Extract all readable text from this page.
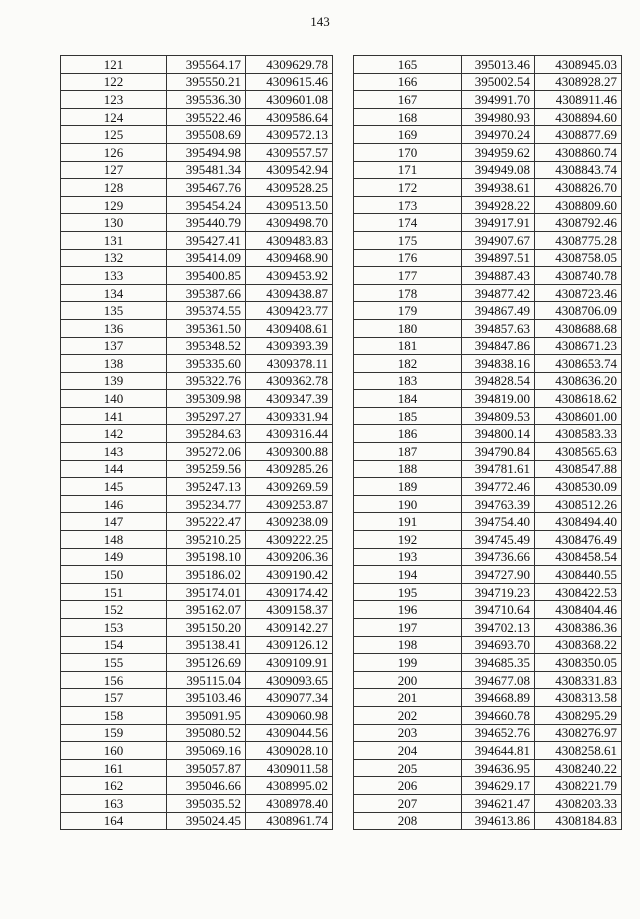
143
121	395564.17	4309629.78
122	395550.21	4309615.46
123	395536.30	4309601.08
124	395522.46	4309586.64
125	395508.69	4309572.13
126	395494.98	4309557.57
127	395481.34	4309542.94
128	395467.76	4309528.25
129	395454.24	4309513.50
130	395440.79	4309498.70
131	395427.41	4309483.83
132	395414.09	4309468.90
133	395400.85	4309453.92
134	395387.66	4309438.87
135	395374.55	4309423.77
136	395361.50	4309408.61
137	395348.52	4309393.39
138	395335.60	4309378.11
139	395322.76	4309362.78
140	395309.98	4309347.39
141	395297.27	4309331.94
142	395284.63	4309316.44
143	395272.06	4309300.88
144	395259.56	4309285.26
145	395247.13	4309269.59
146	395234.77	4309253.87
147	395222.47	4309238.09
148	395210.25	4309222.25
149	395198.10	4309206.36
150	395186.02	4309190.42
151	395174.01	4309174.42
152	395162.07	4309158.37
153	395150.20	4309142.27
154	395138.41	4309126.12
155	395126.69	4309109.91
156	395115.04	4309093.65
157	395103.46	4309077.34
158	395091.95	4309060.98
159	395080.52	4309044.56
160	395069.16	4309028.10
161	395057.87	4309011.58
162	395046.66	4308995.02
163	395035.52	4308978.40
164	395024.45	4308961.74
165	395013.46	4308945.03
166	395002.54	4308928.27
167	394991.70	4308911.46
168	394980.93	4308894.60
169	394970.24	4308877.69
170	394959.62	4308860.74
171	394949.08	4308843.74
172	394938.61	4308826.70
173	394928.22	4308809.60
174	394917.91	4308792.46
175	394907.67	4308775.28
176	394897.51	4308758.05
177	394887.43	4308740.78
178	394877.42	4308723.46
179	394867.49	4308706.09
180	394857.63	4308688.68
181	394847.86	4308671.23
182	394838.16	4308653.74
183	394828.54	4308636.20
184	394819.00	4308618.62
185	394809.53	4308601.00
186	394800.14	4308583.33
187	394790.84	4308565.63
188	394781.61	4308547.88
189	394772.46	4308530.09
190	394763.39	4308512.26
191	394754.40	4308494.40
192	394745.49	4308476.49
193	394736.66	4308458.54
194	394727.90	4308440.55
195	394719.23	4308422.53
196	394710.64	4308404.46
197	394702.13	4308386.36
198	394693.70	4308368.22
199	394685.35	4308350.05
200	394677.08	4308331.83
201	394668.89	4308313.58
202	394660.78	4308295.29
203	394652.76	4308276.97
204	394644.81	4308258.61
205	394636.95	4308240.22
206	394629.17	4308221.79
207	394621.47	4308203.33
208	394613.86	4308184.83
